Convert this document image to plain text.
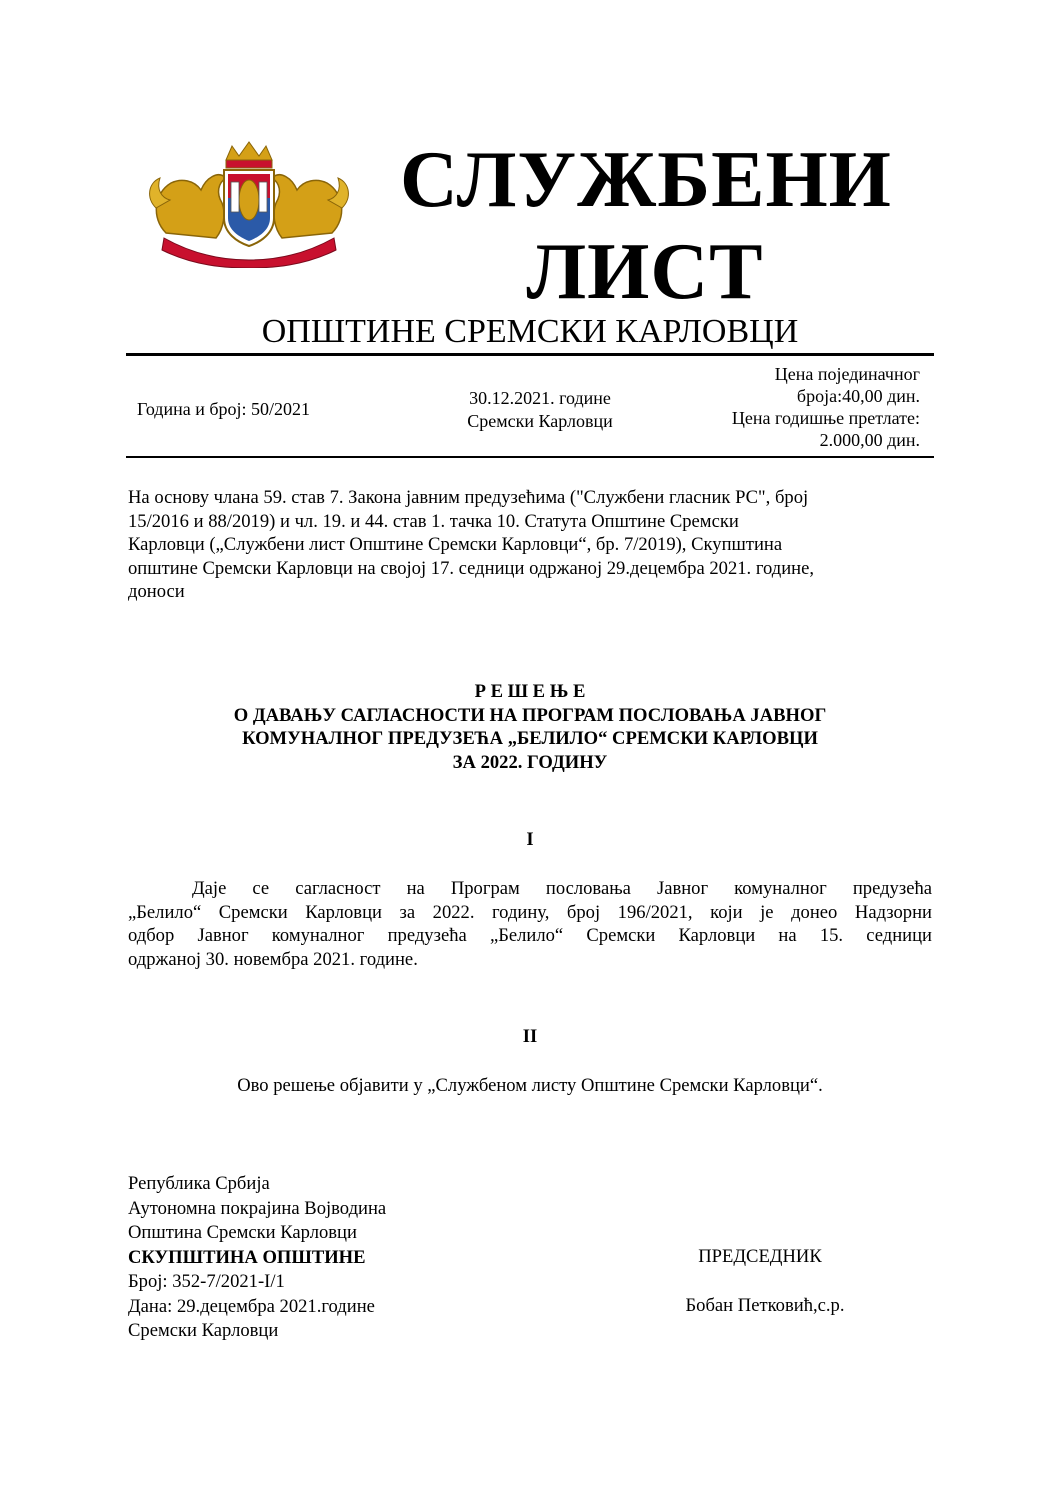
СЛУЖБЕНИ
ЛИСТ
ОПШТИНЕ СРЕМСКИ КАРЛОВЦИ
Година и број: 50/2021
30.12.2021. године
Сремски Карловци
Цена појединачног
броја:40,00 дин.
Цена годишње претлате:
2.000,00 дин.
На основу члана 59. став 7. Закона јавним предузећима ("Службени гласник РС", број
15/2016 и 88/2019) и чл. 19. и 44. став 1. тачка 10. Статута Општине Сремски
Карловци („Службени лист Општине Сремски Карловци“, бр. 7/2019), Скупштина
општине Сремски Карловци на својој 17. седници одржаној 29.децембра 2021. године,
доноси
Р Е Ш Е Њ Е
О ДАВАЊУ САГЛАСНОСТИ НА ПРОГРАМ ПОСЛОВАЊА ЈАВНОГ
КОМУНАЛНОГ ПРЕДУЗЕЋА „БЕЛИЛО“ СРЕМСКИ КАРЛОВЦИ
ЗА 2022. ГОДИНУ
I
Даје се сагласност на Програм пословања Јавног комуналног предузећа
„Белило“ Сремски Карловци за 2022. годину, број 196/2021, који је донео Надзорни
одбор Јавног комуналног предузећа „Белило“ Сремски Карловци на 15. седници
одржаној 30. новембра 2021. године.
II
Ово решење објавити у „Службеном листу Општине Сремски Карловци“.
Република Србија
Аутономна покрајина Војводина
Општина Сремски Карловци
СКУПШТИНА ОПШТИНЕ
Број: 352-7/2021-I/1
Дана: 29.децембра 2021.године
Сремски Карловци
ПРЕДСЕДНИК
Бобан Петковић,с.р.
